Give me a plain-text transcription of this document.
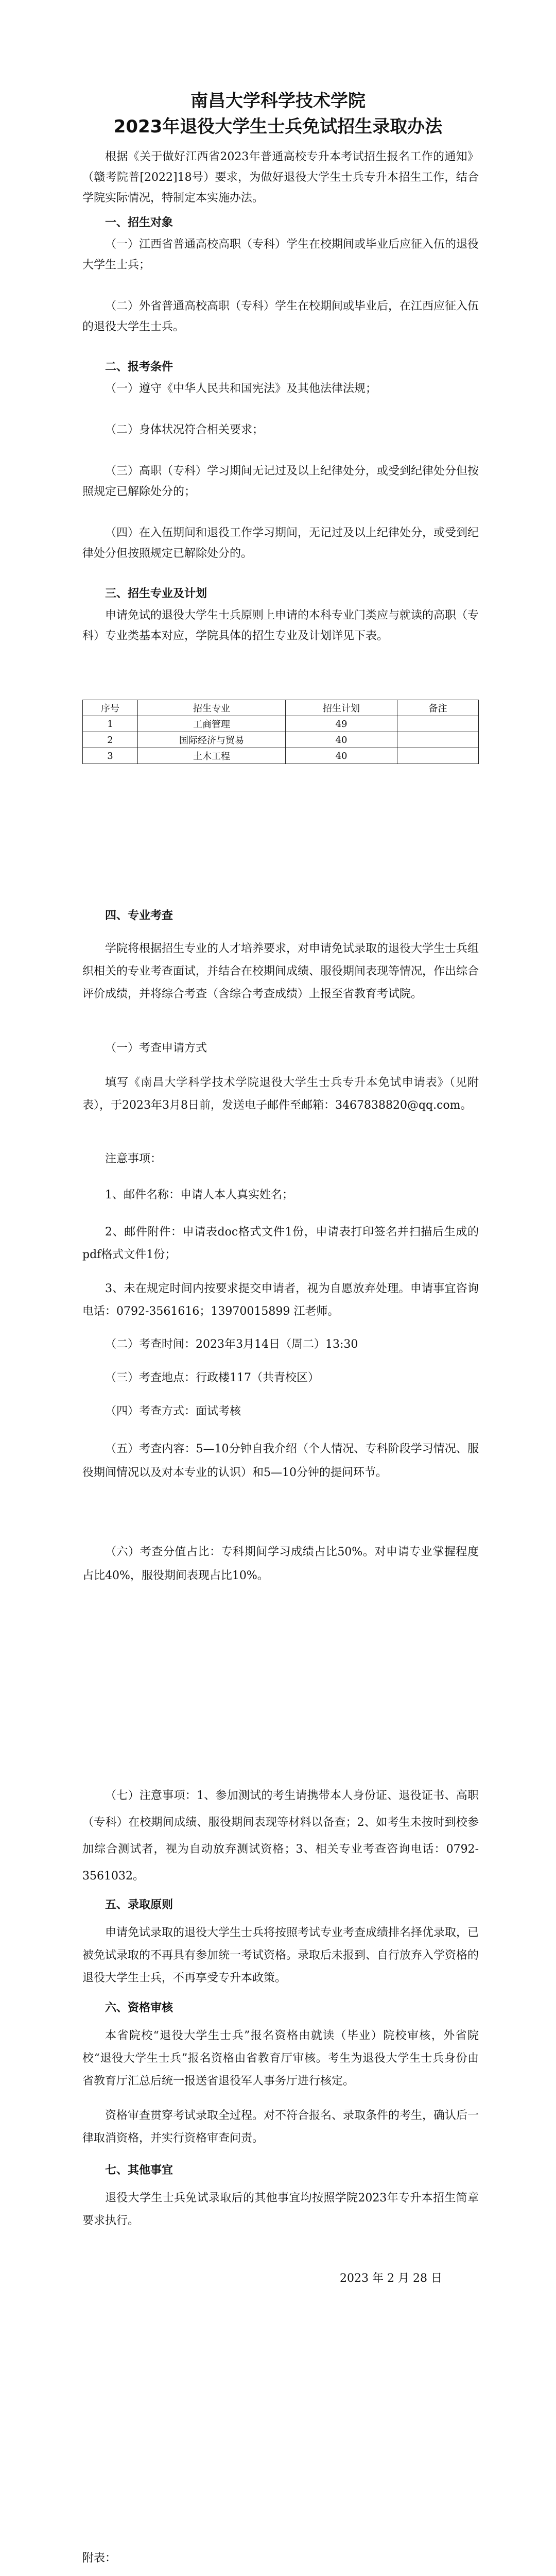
南昌大学科学技术学院
2023年退役大学生士兵免试招生录取办法
根据《关于做好江西省2023年普通高校专升本考试招生报名工作的通知》（赣考院普[2022]18号）要求，为做好退役大学生士兵专升本招生工作，结合学院实际情况，特制定本实施办法。
一、招生对象
（一）江西省普通高校高职（专科）学生在校期间或毕业后应征入伍的退役大学生士兵；
（二）外省普通高校高职（专科）学生在校期间或毕业后，在江西应征入伍的退役大学生士兵。
二、报考条件
（一）遵守《中华人民共和国宪法》及其他法律法规；
（二）身体状况符合相关要求；
（三）高职（专科）学习期间无记过及以上纪律处分，或受到纪律处分但按照规定已解除处分的；
（四）在入伍期间和退役工作学习期间，无记过及以上纪律处分，或受到纪律处分但按照规定已解除处分的。
三、招生专业及计划
申请免试的退役大学生士兵原则上申请的本科专业门类应与就读的高职（专科）专业类基本对应，学院具体的招生专业及计划详见下表。
序号	招生专业	招生计划	备注
1	工商管理	49	
2	国际经济与贸易	40	
3	土木工程	40	
四、专业考查
学院将根据招生专业的人才培养要求，对申请免试录取的退役大学生士兵组织相关的专业考查面试，并结合在校期间成绩、服役期间表现等情况，作出综合评价成绩，并将综合考查（含综合考查成绩）上报至省教育考试院。
（一）考查申请方式
填写《南昌大学科学技术学院退役大学生士兵专升本免试申请表》（见附表），于2023年3月8日前，发送电子邮件至邮箱：3467838820@qq.com。
注意事项：
1、邮件名称：申请人本人真实姓名；
2、邮件附件：申请表doc格式文件1份，申请表打印签名并扫描后生成的pdf格式文件1份；
3、未在规定时间内按要求提交申请者，视为自愿放弃处理。申请事宜咨询电话：0792-3561616；13970015899 江老师。
（二）考查时间：2023年3月14日（周二）13:30
（三）考查地点：行政楼117（共青校区）
（四）考查方式：面试考核
（五）考查内容：5—10分钟自我介绍（个人情况、专科阶段学习情况、服役期间情况以及对本专业的认识）和5—10分钟的提问环节。
（六）考查分值占比：专科期间学习成绩占比50%。对申请专业掌握程度占比40%，服役期间表现占比10%。
（七）注意事项：1、参加测试的考生请携带本人身份证、退役证书、高职（专科）在校期间成绩、服役期间表现等材料以备查；2、如考生未按时到校参加综合测试者，视为自动放弃测试资格；3、相关专业考查咨询电话：0792-3561032。
五、录取原则
申请免试录取的退役大学生士兵将按照考试专业考查成绩排名择优录取，已被免试录取的不再具有参加统一考试资格。录取后未报到、自行放弃入学资格的退役大学生士兵，不再享受专升本政策。
六、资格审核
本省院校“退役大学生士兵”报名资格由就读（毕业）院校审核，外省院校“退役大学生士兵”报名资格由省教育厅审核。考生为退役大学生士兵身份由省教育厅汇总后统一报送省退役军人事务厅进行核定。
资格审查贯穿考试录取全过程。对不符合报名、录取条件的考生，确认后一律取消资格，并实行资格审查问责。
七、其他事宜
退役大学生士兵免试录取后的其他事宜均按照学院2023年专升本招生简章要求执行。
2023 年 2 月 28 日
附表：
